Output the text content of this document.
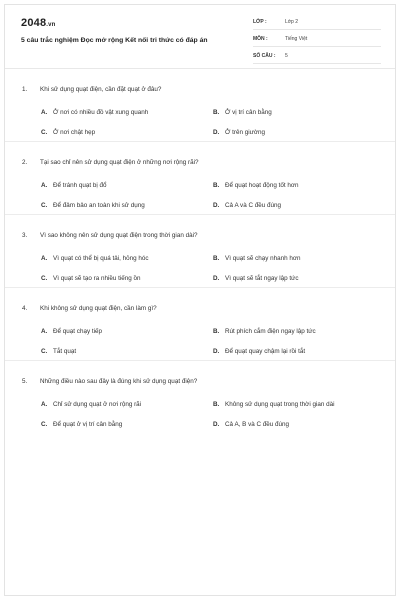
2048.vn
5 câu trắc nghiệm Đọc mở rộng Kết nối tri thức có đáp án
LỚP :	Lớp 2
MÔN :	Tiếng Việt
SỐ CÂU : 5
1. Khi sử dụng quạt điện, cần đặt quạt ở đâu?
A. Ở nơi có nhiều đồ vật xung quanh	B. Ở vị trí cân bằng
C. Ở nơi chật hẹp	D. Ở trên giường
2. Tại sao chỉ nên sử dụng quạt điện ở những nơi rộng rãi?
A. Để tránh quạt bị đổ	B. Để quạt hoạt động tốt hơn
C. Để đảm bảo an toàn khi sử dụng	D. Cả A và C đều đúng
3. Vì sao không nên sử dụng quạt điện trong thời gian dài?
A. Vì quạt có thể bị quá tải, hỏng hóc	B. Vì quạt sẽ chạy nhanh hơn
C. Vì quạt sẽ tạo ra nhiều tiếng ồn	D. Vì quạt sẽ tắt ngay lập tức
4. Khi không sử dụng quạt điện, cần làm gì?
A. Để quạt chạy tiếp	B. Rút phích cắm điện ngay lập tức
C. Tắt quạt	D. Để quạt quay chậm lại rồi tắt
5. Những điều nào sau đây là đúng khi sử dụng quạt điện?
A. Chỉ sử dụng quạt ở nơi rộng rãi	B. Không sử dụng quạt trong thời gian dài
C. Để quạt ở vị trí cân bằng	D. Cả A, B và C đều đúng
